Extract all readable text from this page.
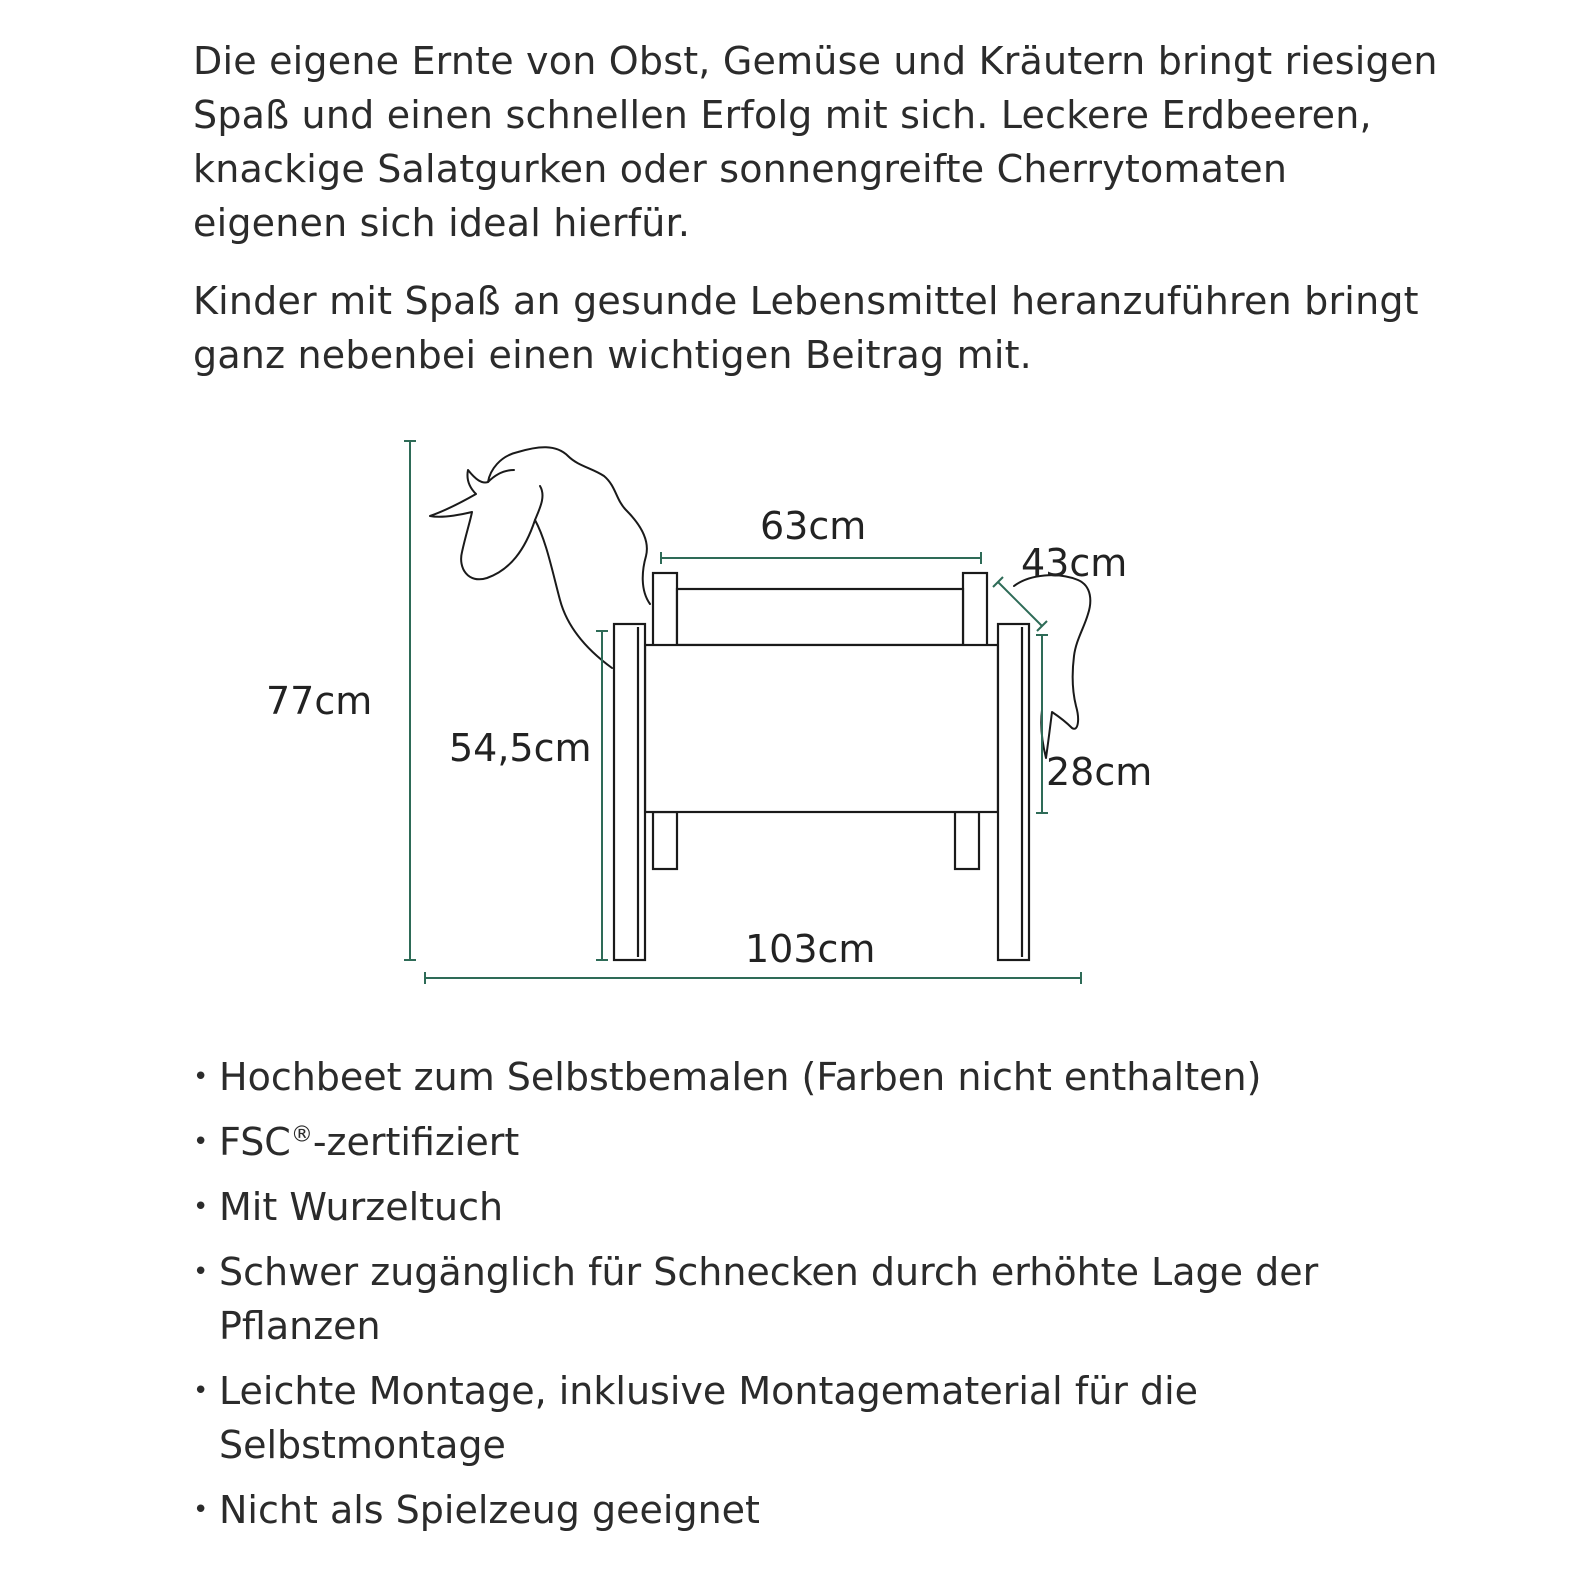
Die eigene Ernte von Obst, Gemüse und Kräutern bringt riesigen Spaß und einen schnellen Erfolg mit sich. Leckere Erdbeeren, knackige Salatgurken oder sonnengreifte Cherrytomaten eigenen sich ideal hierfür.

Kinder mit Spaß an gesunde Lebensmittel heranzuführen bringt ganz nebenbei einen wichtigen Beitrag mit.

77cm
54,5cm
63cm
43cm
28cm
103cm
• Hochbeet zum Selbstbemalen (Farben nicht enthalten)
• FSC®-zertifiziert
• Mit Wurzeltuch
• Schwer zugänglich für Schnecken durch erhöhte Lage der Pflanzen
• Leichte Montage, inklusive Montagematerial für die Selbstmontage
• Nicht als Spielzeug geeignet
